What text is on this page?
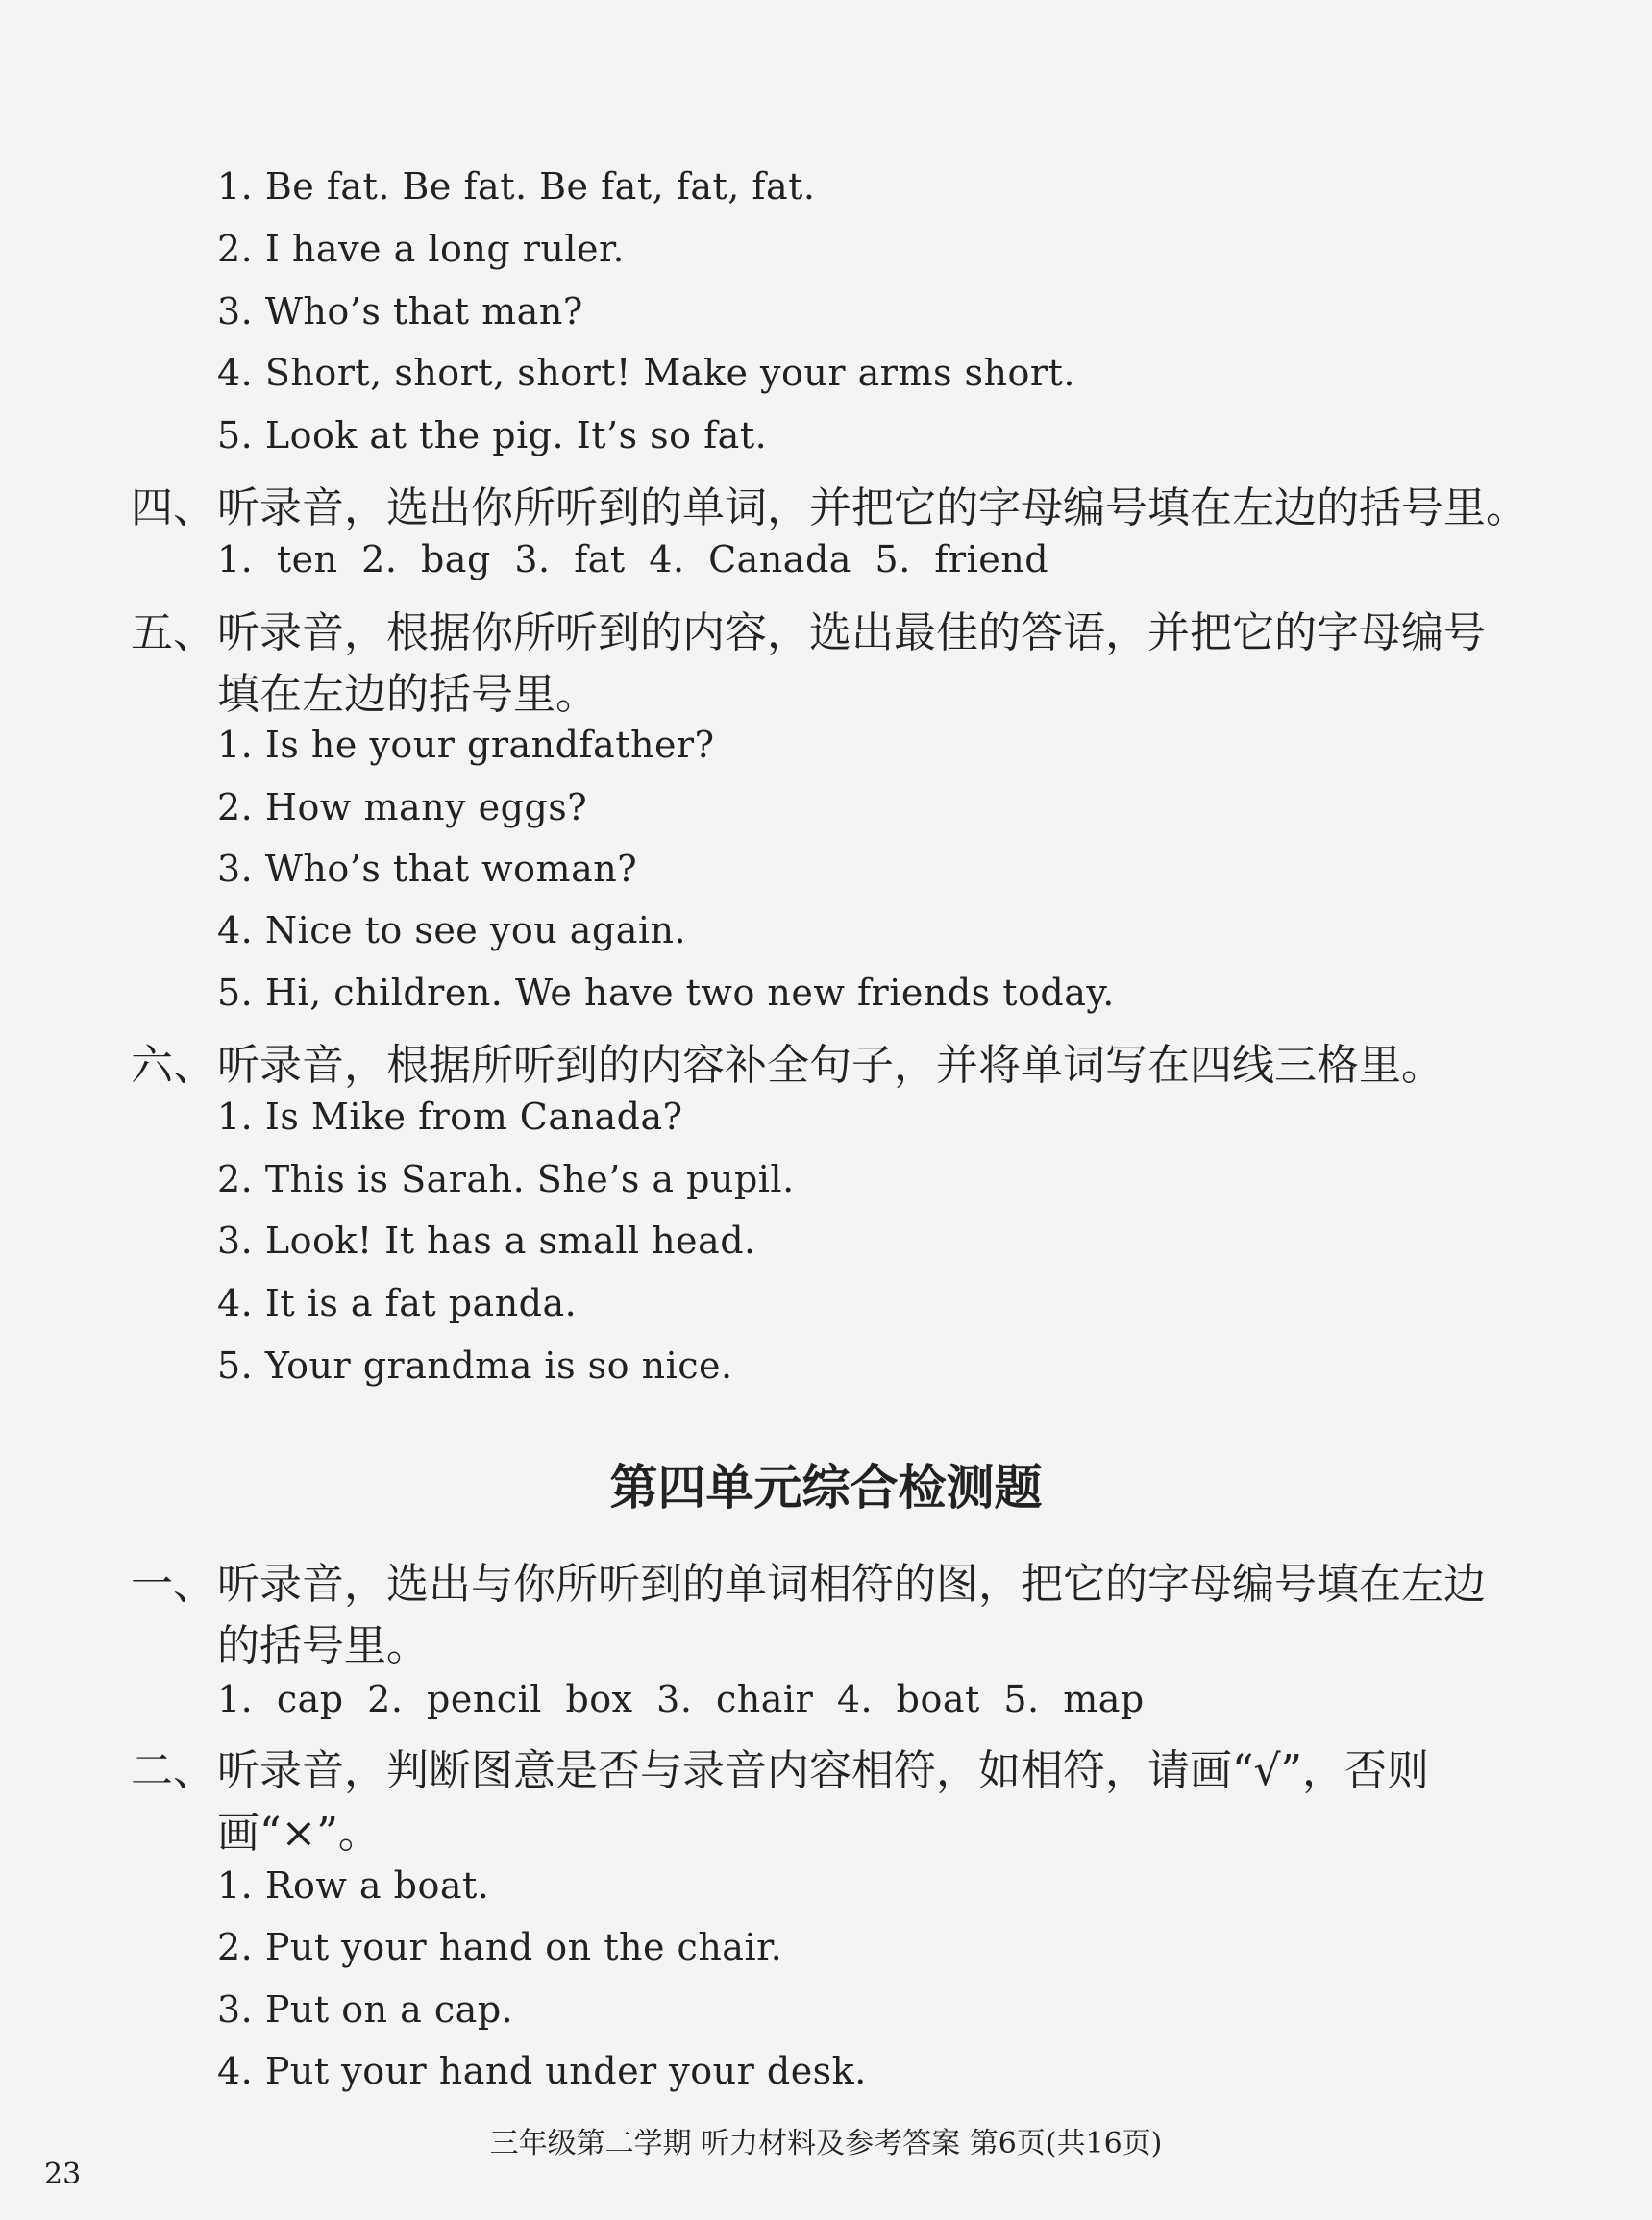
1. Be fat. Be fat. Be fat, fat, fat.
2. I have a long ruler.
3. Who’s that man?
4. Short, short, short! Make your arms short.
5. Look at the pig. It’s so fat.
四、 听录音，选出你所听到的单词，并把它的字母编号填在左边的括号里。
1. ten 2. bag 3. fat 4. Canada 5. friend
五、 听录音，根据你所听到的内容，选出最佳的答语，并把它的字母编号
填在左边的括号里。
1. Is he your grandfather?
2. How many eggs?
3. Who’s that woman?
4. Nice to see you again.
5. Hi, children. We have two new friends today.
六、 听录音，根据所听到的内容补全句子，并将单词写在四线三格里。
1. Is Mike from Canada?
2. This is Sarah. She’s a pupil.
3. Look! It has a small head.
4. It is a fat panda.
5. Your grandma is so nice.
第四单元综合检测题
一、 听录音，选出与你所听到的单词相符的图，把它的字母编号填在左边
的括号里。
1. cap 2. pencil box 3. chair 4. boat 5. map
二、 听录音，判断图意是否与录音内容相符，如相符，请画“√”，否则
画“×”。
1. Row a boat.
2. Put your hand on the chair.
3. Put on a cap.
4. Put your hand under your desk.
三年级第二学期 听力材料及参考答案 第6页(共16页)
23
